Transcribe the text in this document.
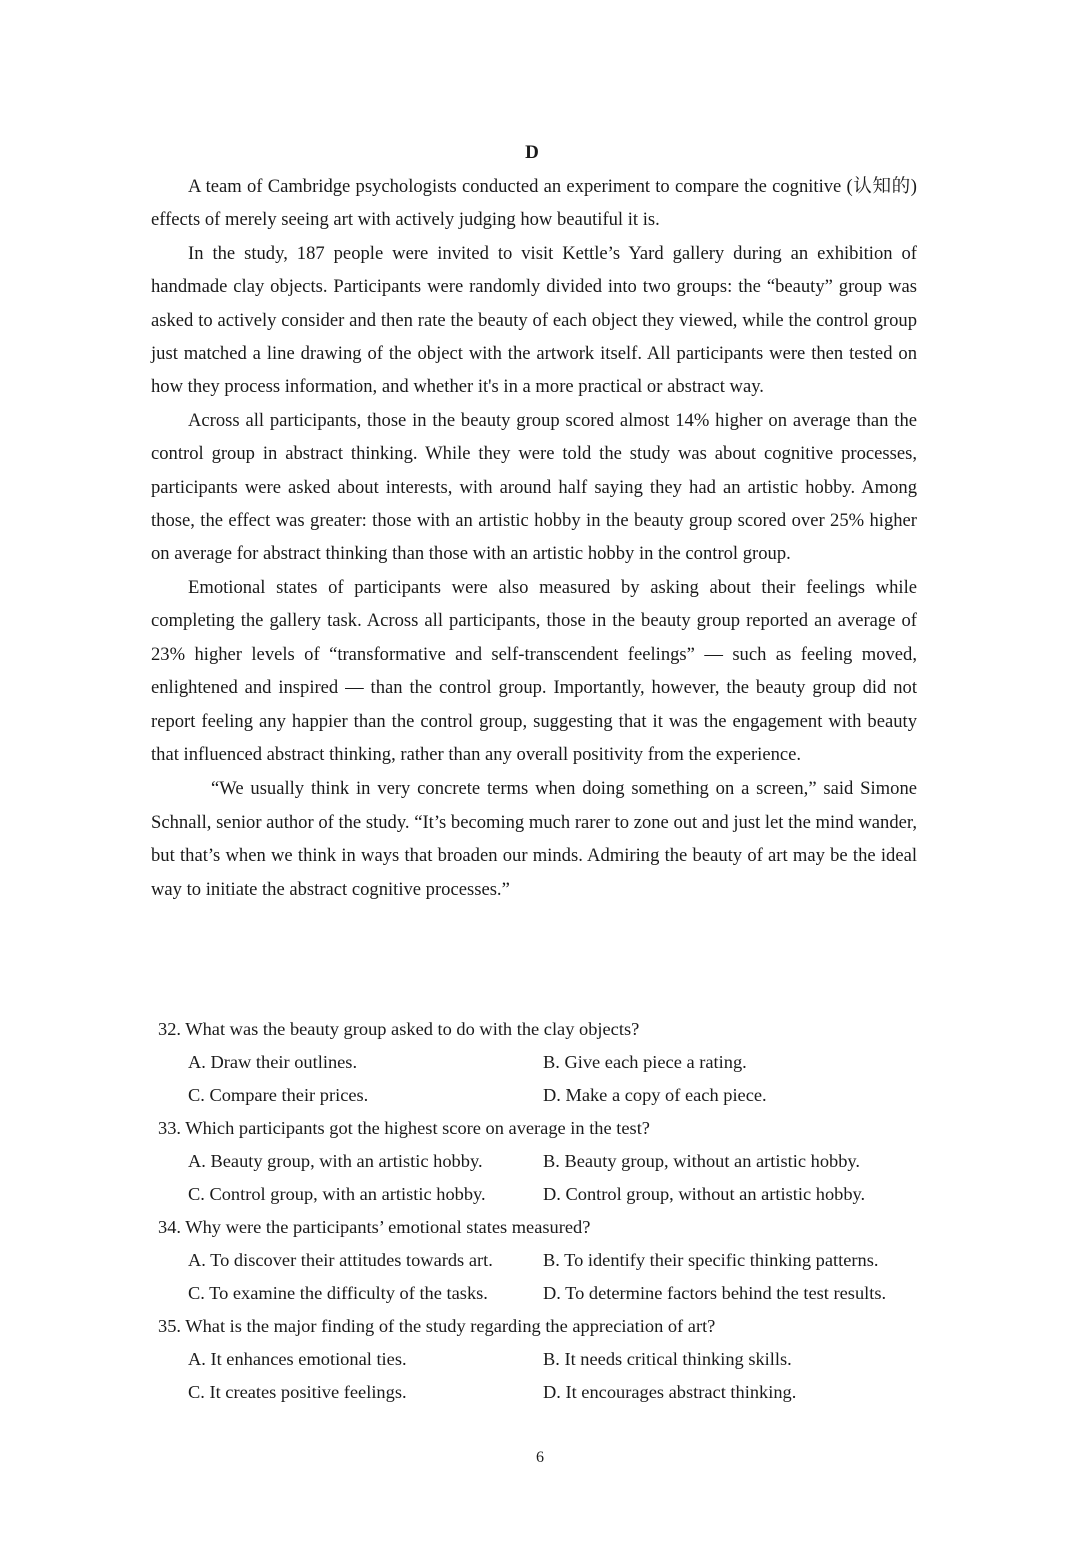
D

A team of Cambridge psychologists conducted an experiment to compare the cognitive (认知的) effects of merely seeing art with actively judging how beautiful it is.

In the study, 187 people were invited to visit Kettle’s Yard gallery during an exhibition of handmade clay objects. Participants were randomly divided into two groups: the “beauty” group was asked to actively consider and then rate the beauty of each object they viewed, while the control group just matched a line drawing of the object with the artwork itself. All participants were then tested on how they process information, and whether it's in a more practical or abstract way.

Across all participants, those in the beauty group scored almost 14% higher on average than the control group in abstract thinking. While they were told the study was about cognitive processes, participants were asked about interests, with around half saying they had an artistic hobby. Among those, the effect was greater: those with an artistic hobby in the beauty group scored over 25% higher on average for abstract thinking than those with an artistic hobby in the control group.

Emotional states of participants were also measured by asking about their feelings while completing the gallery task. Across all participants, those in the beauty group reported an average of 23% higher levels of “transformative and self-transcendent feelings” — such as feeling moved, enlightened and inspired — than the control group. Importantly, however, the beauty group did not report feeling any happier than the control group, suggesting that it was the engagement with beauty that influenced abstract thinking, rather than any overall positivity from the experience.

“We usually think in very concrete terms when doing something on a screen,” said Simone Schnall, senior author of the study. “It’s becoming much rarer to zone out and just let the mind wander, but that’s when we think in ways that broaden our minds. Admiring the beauty of art may be the ideal way to initiate the abstract cognitive processes.”

32. What was the beauty group asked to do with the clay objects?
A. Draw their outlines.	B. Give each piece a rating.
C. Compare their prices.	D. Make a copy of each piece.
33. Which participants got the highest score on average in the test?
A. Beauty group, with an artistic hobby.	B. Beauty group, without an artistic hobby.
C. Control group, with an artistic hobby.	D. Control group, without an artistic hobby.
34. Why were the participants’ emotional states measured?
A. To discover their attitudes towards art.	B. To identify their specific thinking patterns.
C. To examine the difficulty of the tasks.	D. To determine factors behind the test results.
35. What is the major finding of the study regarding the appreciation of art?
A. It enhances emotional ties.	B. It needs critical thinking skills.
C. It creates positive feelings.	D. It encourages abstract thinking.
6
